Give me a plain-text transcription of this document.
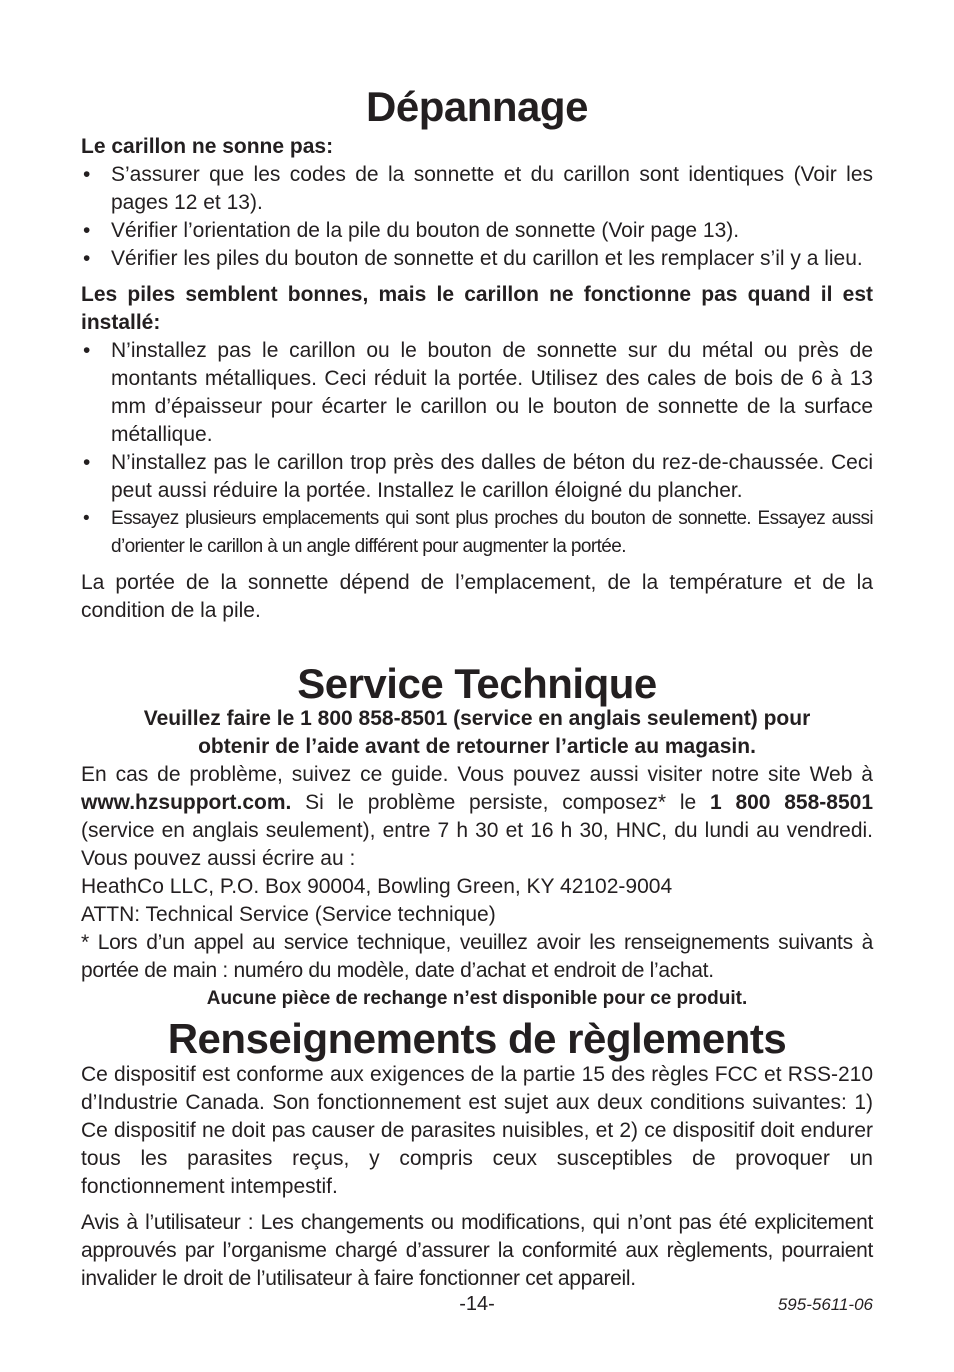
Dépannage

Le carillon ne sonne pas:

• S’assurer que les codes de la sonnette et du carillon sont identiques (Voir les pages 12 et 13).
• Vérifier l’orientation de la pile du bouton de sonnette (Voir page 13).
• Vérifier les piles du bouton de sonnette et du carillon et les remplacer s’il y a lieu.

Les piles semblent bonnes, mais le carillon ne fonctionne pas quand il est installé:

• N’installez pas le carillon ou le bouton de sonnette sur du métal ou près de montants métalliques. Ceci réduit la portée. Utilisez des cales de bois de 6 à 13 mm d’épaisseur pour écarter le carillon ou le bouton de sonnette de la surface métallique.
• N’installez pas le carillon trop près des dalles de béton du rez-de-chaussée. Ceci peut aussi réduire la portée. Installez le carillon éloigné du plancher.
• Essayez plusieurs emplacements qui sont plus proches du bouton de sonnette. Essayez aussi d’orienter le carillon à un angle différent pour augmenter la portée.

La portée de la sonnette dépend de l’emplacement, de la température et de la condition de la pile.

Service Technique

Veuillez faire le 1 800 858-8501 (service en anglais seulement) pour

obtenir de l’aide avant de retourner l’article au magasin.

En cas de problème, suivez ce guide. Vous pouvez aussi visiter notre site Web à www.hzsupport.com. Si le problème persiste, composez* le 1 800 858-8501 (service en anglais seulement), entre 7 h 30 et 16 h 30, HNC, du lundi au vendredi. Vous pouvez aussi écrire au :

HeathCo LLC, P.O. Box 90004, Bowling Green, KY 42102-9004

ATTN: Technical Service (Service technique)

* Lors d’un appel au service technique, veuillez avoir les renseignements suivants à portée de main : numéro du modèle, date d’achat et endroit de l’achat.

Aucune pièce de rechange n’est disponible pour ce produit.

Renseignements de règlements

Ce dispositif est conforme aux exigences de la partie 15 des règles FCC et RSS-210 d’Industrie Canada. Son fonctionnement est sujet aux deux conditions suivantes: 1) Ce dispositif ne doit pas causer de parasites nuisibles, et 2) ce dispositif doit endurer tous les parasites reçus, y compris ceux susceptibles de provoquer un fonctionnement intempestif.

Avis à l’utilisateur : Les changements ou modifications, qui n’ont pas été explicitement approuvés par l’organisme chargé d’assurer la conformité aux règlements, pourraient invalider le droit de l’utilisateur à faire fonctionner cet appareil.

-14-	595-5611-06
